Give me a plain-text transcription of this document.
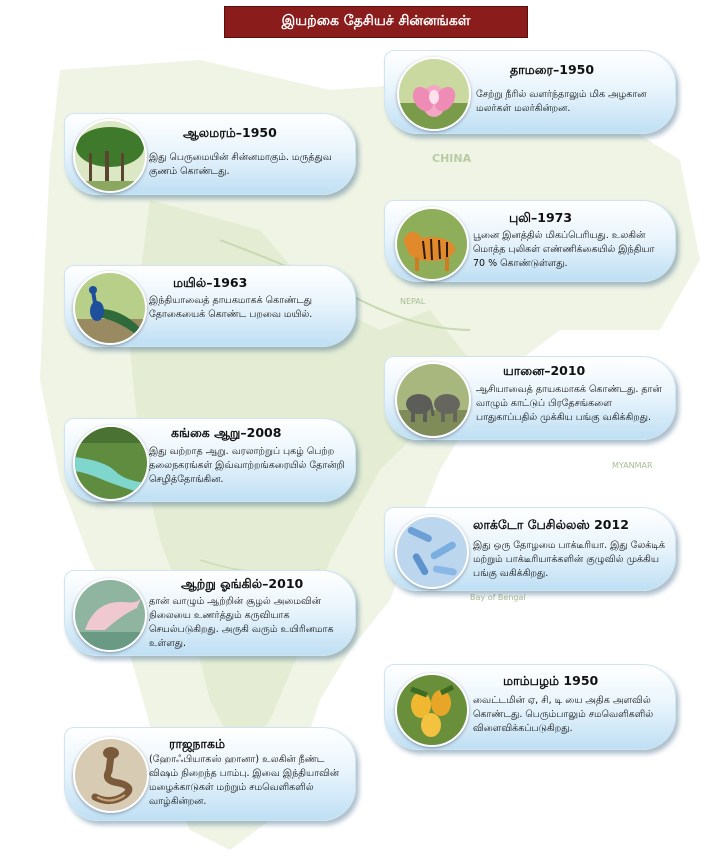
CHINA
NEPAL
MYANMAR
Bay of Bengal
இயற்கை தேசியச் சின்னங்கள்
தாமரை–1950
சேற்று நீரில் வளர்ந்தாலும் மிக அழகான மலர்கள் மலர்கின்றன.
ஆலமரம்–1950
இது பெருமையின் சின்னமாகும். மருத்துவ குணம் கொண்டது.
புலி–1973
பூனை இனத்தில் மிகப்பெரியது. உலகின் மொத்த புலிகள் எண்ணிக்கையில் இந்தியா 70 % கொண்டுள்ளது.
மயில்–1963
இந்தியாவைத் தாயகமாகக் கொண்டது தோகையைக் கொண்ட பறவை மயில்.
யானை–2010
ஆசியாவைத் தாயகமாகக் கொண்டது. தான் வாழும் காட்டுப் பிரதேசங்களை பாதுகாப்பதில் முக்கிய பங்கு வகிக்கிறது.
கங்கை ஆறு–2008
இது வற்றாத ஆறு. வரலாற்றுப் புகழ் பெற்ற தலைநகரங்கள் இவ்வாற்றங்கரையில் தோன்றி செழித்தோங்கின.
லாக்டோ பேசில்லஸ் 2012
இது ஒரு தோழமை பாக்டீரியா. இது லேக்டிக் மற்றும் பாக்டீரியாக்களின் குழுவில் முக்கிய பங்கு வகிக்கிறது.
ஆற்று ஓங்கில்–2010
தான் வாழும் ஆற்றின் சூழல் அமைவின் நிலையை உணர்த்தும் கருவியாக செயல்படுகிறது. அருகி வரும் உயிரினமாக உள்ளது.
மாம்பழம் 1950
வைட்டமின் ஏ, சி, டி யை அதிக அளவில் கொண்டது. பெரும்பாலும் சமவெளிகளில் விளைவிக்கப்படுகிறது.
ராஜநாகம்
(ஹோஃபியாகஸ் ஹானா) உலகின் நீண்ட விஷம் நிறைந்த பாம்பு. இவை இந்தியாவின் மழைக்காடுகள் மற்றும் சமவெளிகளில் வாழ்கின்றன.
